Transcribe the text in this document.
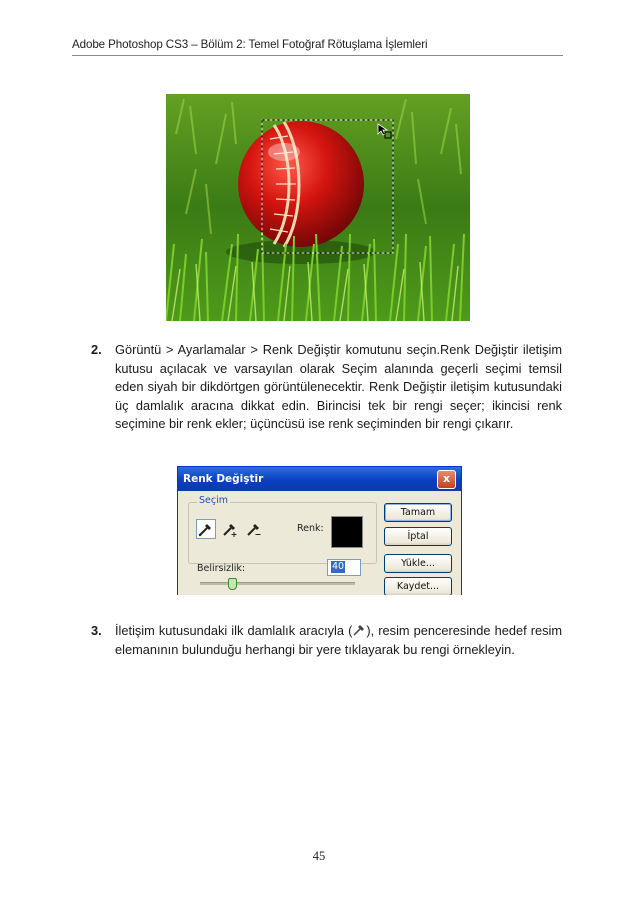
Adobe Photoshop CS3 – Bölüm 2: Temel Fotoğraf Rötuşlama İşlemleri
2. Görüntü > Ayarlamalar > Renk Değiştir komutunu seçin.Renk Değiştir iletişim kutusu açılacak ve varsayılan olarak Seçim alanında geçerli seçimi temsil eden siyah bir dikdörtgen görüntülenecektir. Renk Değiştir iletişim kutusundaki üç damlalık aracına dikkat edin. Birincisi tek bir rengi seçer; ikincisi renk seçimine bir renk ekler; üçüncüsü ise renk seçiminden bir rengi çıkarır.
Renk Değiştir	x
Seçim
Renk:
Belirsizlik:	40
Tamam
İptal
Yükle...
Kaydet...
3. İletişim kutusundaki ilk damlalık aracıyla ( ), resim penceresinde hedef resim elemanının bulunduğu herhangi bir yere tıklayarak bu rengi örnekleyin.
45
